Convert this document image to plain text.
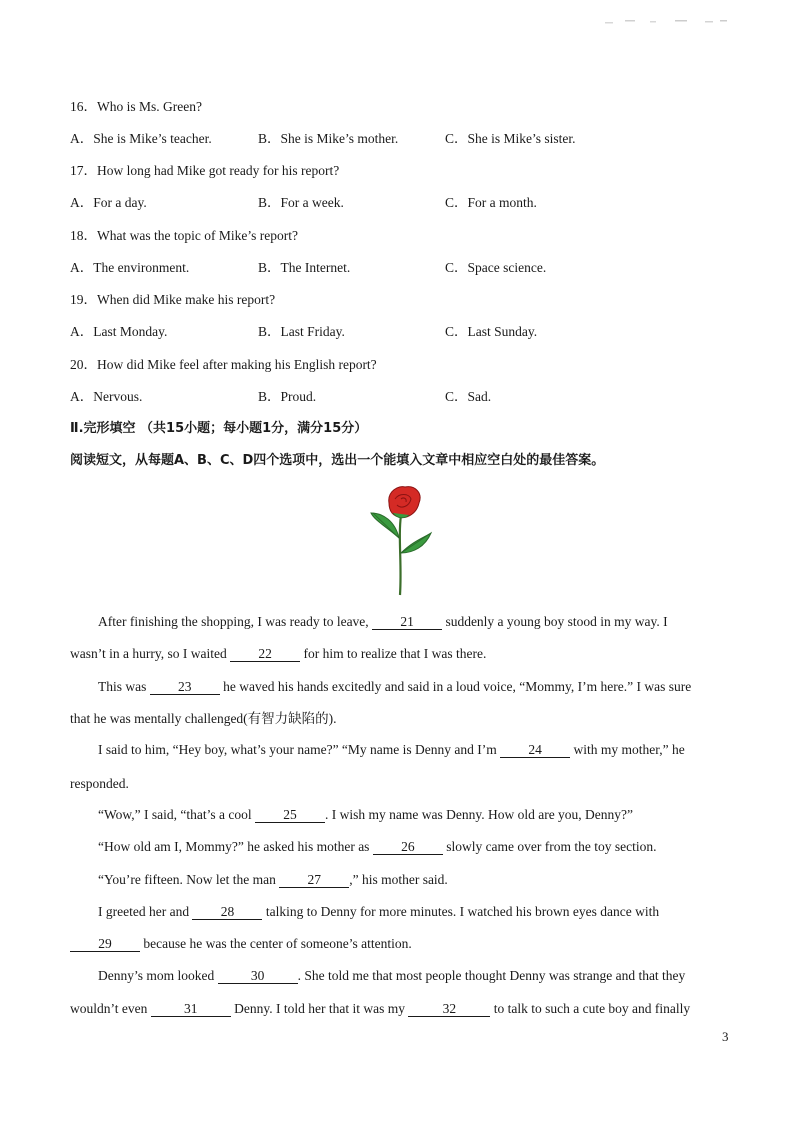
16．Who is Ms. Green?
A．She is Mike’s teacher.	B．She is Mike’s mother.	C．She is Mike’s sister.
17．How long had Mike got ready for his report?
A．For a day.	B．For a week.	C．For a month.
18．What was the topic of Mike’s report?
A．The environment.	B．The Internet.	C．Space science.
19．When did Mike make his report?
A．Last Monday.	B．Last Friday.	C．Last Sunday.
20．How did Mike feel after making his English report?
A．Nervous.	B．Proud.	C．Sad.
Ⅱ.完形填空 （共15小题；每小题1分，满分15分）
阅读短文，从每题A、B、C、D四个选项中，选出一个能填入文章中相应空白处的最佳答案。
After finishing the shopping, I was ready to leave, 21 suddenly a young boy stood in my way. I
wasn’t in a hurry, so I waited 22 for him to realize that I was there.
This was 23 he waved his hands excitedly and said in a loud voice, “Mommy, I’m here.” I was sure
that he was mentally challenged(有智力缺陷的).
I said to him, “Hey boy, what’s your name?” “My name is Denny and I’m 24 with my mother,” he
responded.
“Wow,” I said, “that’s a cool 25 . I wish my name was Denny. How old are you, Denny?”
“How old am I, Mommy?” he asked his mother as 26 slowly came over from the toy section.
“You’re fifteen. Now let the man 27 ,” his mother said.
I greeted her and 28 talking to Denny for more minutes. I watched his brown eyes dance with
29 because he was the center of someone’s attention.
Denny’s mom looked	30 . She told me that most people thought Denny was strange and that they
wouldn’t even	31	Denny. I told her that it was my	32	to talk to such a cute boy and finally
3
